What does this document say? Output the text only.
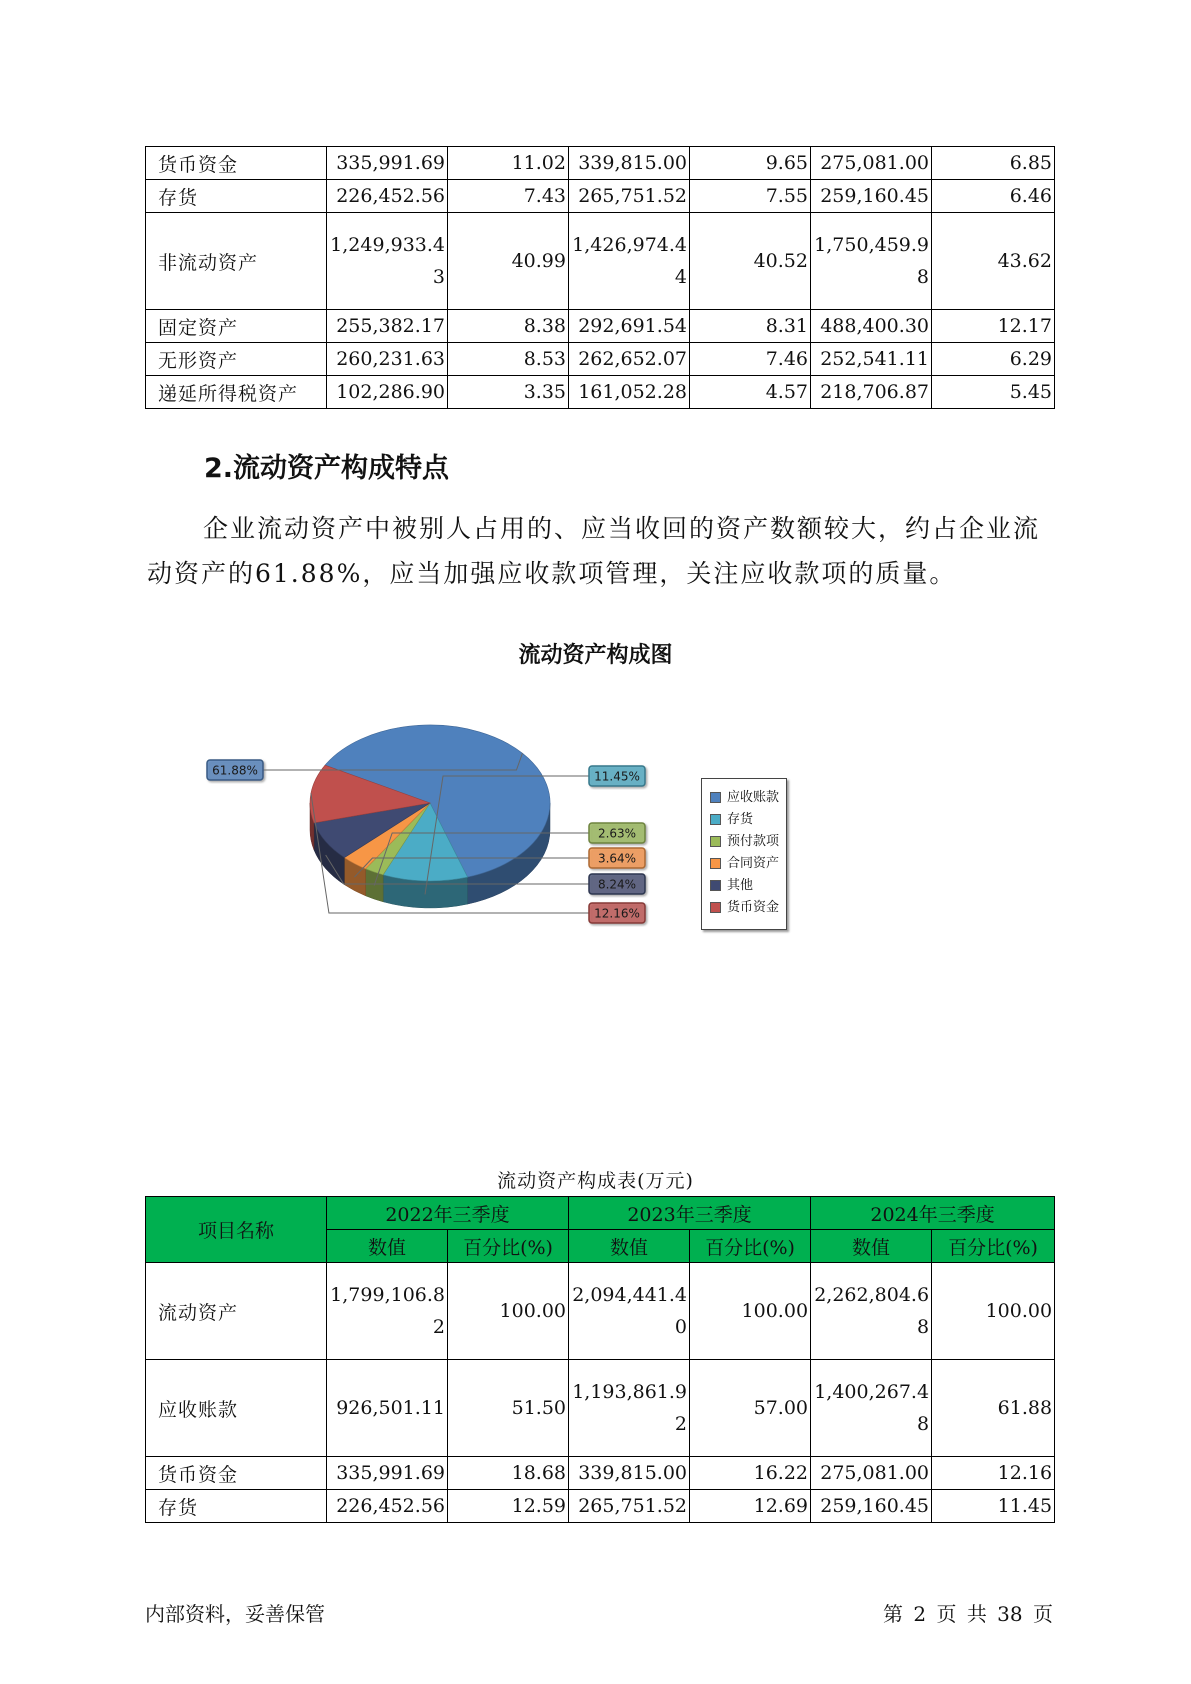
货币资金	335,991.69	11.02	339,815.00	9.65	275,081.00	6.85
存货	226,452.56	7.43	265,751.52	7.55	259,160.45	6.46
非流动资产	1,249,933.43	40.99	1,426,974.44	40.52	1,750,459.98	43.62
固定资产	255,382.17	8.38	292,691.54	8.31	488,400.30	12.17
无形资产	260,231.63	8.53	262,652.07	7.46	252,541.11	6.29
递延所得税资产	102,286.90	3.35	161,052.28	4.57	218,706.87	5.45
2.流动资产构成特点

企业流动资产中被别人占用的、应当收回的资产数额较大，约占企业流动资产的61.88%，应当加强应收款项管理，关注应收款项的质量。

流动资产构成图
61.88%	11.45%
2.63%
3.64%
8.24%
12.16%
应收账款
存货
预付款项
合同资产
其他
货币资金
流动资产构成表(万元)
项目名称	2022年三季度		2023年三季度		2024年三季度	
	数值	百分比(%)	数值	百分比(%)	数值	百分比(%)
流动资产	1,799,106.82	100.00	2,094,441.40	100.00	2,262,804.68	100.00
应收账款	926,501.11	51.50	1,193,861.92	57.00	1,400,267.48	61.88
货币资金	335,991.69	18.68	339,815.00	16.22	275,081.00	12.16
存货	226,452.56	12.59	265,751.52	12.69	259,160.45	11.45
内部资料，妥善保管	第 2 页 共 38 页
